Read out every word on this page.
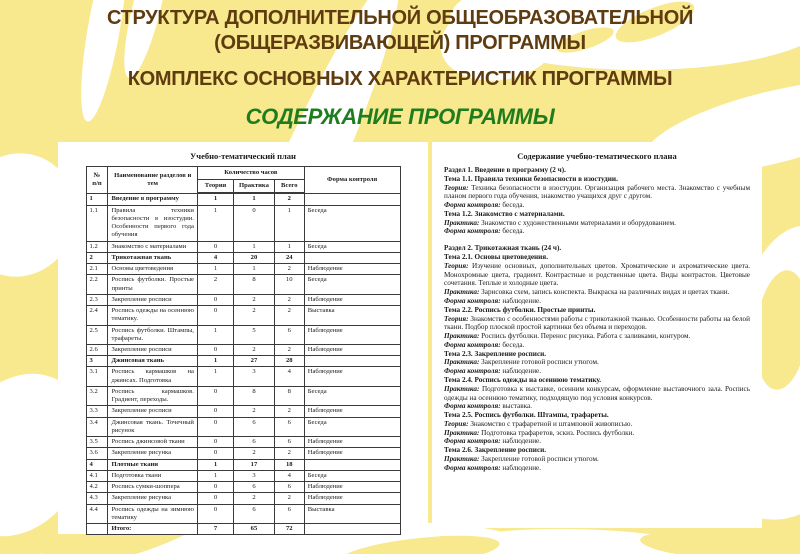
СТРУКТУРА ДОПОЛНИТЕЛЬНОЙ ОБЩЕОБРАЗОВАТЕЛЬНОЙ (ОБЩЕРАЗВИВАЮЩЕЙ) ПРОГРАММЫ
КОМПЛЕКС ОСНОВНЫХ ХАРАКТЕРИСТИК ПРОГРАММЫ
СОДЕРЖАНИЕ ПРОГРАММЫ
Учебно-тематический план
№
п/п	Наименование разделов и тем	Количество часов			Форма контроля
		Теория	Практика	Всего	
1	Введение в программу	1	1	2	
1.1	Правила техники безопасности в изостудии. Особенности первого года обучения	1	0	1	Беседа
1.2	Знакомство с материалами	0	1	1	Беседа
2	Трикотажная ткань	4	20	24	
2.1	Основы цветоведения	1	1	2	Наблюдение
2.2	Роспись футболки. Простые принты	2	8	10	Беседа
2.3	Закрепление росписи	0	2	2	Наблюдение
2.4	Роспись одежды на осеннюю тематику.	0	2	2	Выставка
2.5	Роспись футболки. Штампы, трафареты.	1	5	6	Наблюдение
2.6	Закрепление росписи	0	2	2	Наблюдение
3	Джинсовая ткань	1	27	28	
3.1	Роспись кармашков на джинсах. Подготовка	1	3	4	Наблюдение
3.2	Роспись кармашков. Градиент, переходы.	0	8	8	Беседа
3.3	Закрепление росписи	0	2	2	Наблюдение
3.4	Джинсовая ткань. Точечный рисунок	0	6	6	Беседа
3.5	Роспись джинсовой ткани	0	6	6	Наблюдение
3.6	Закрепление рисунка	0	2	2	Наблюдение
4	Плотные ткани	1	17	18	
4.1	Подготовка ткани	1	3	4	Беседа
4.2	Роспись сумки-шоппера	0	6	6	Наблюдение
4.3	Закрепление рисунка	0	2	2	Наблюдение
4.4	Роспись одежды на зимнюю тематику	0	6	6	Выставка
	Итого:	7	65	72	
Содержание учебно-тематического плана

Раздел 1. Введение в программу (2 ч).

Тема 1.1. Правила техники безопасности в изостудии.

Теория: Техника безопасности в изостудии. Организация рабочего места. Знакомство с учебным планом первого года обучения, знакомство учащихся друг с другом.

Форма контроля: беседа.

Тема 1.2. Знакомство с материалами.

Практика: Знакомство с художественными материалами и оборудованием.

Форма контроля: беседа.

Раздел 2. Трикотажная ткань (24 ч).

Тема 2.1. Основы цветоведения.

Теория: Изучение основных, дополнительных цветов. Хроматические и ахроматические цвета. Монохромные цвета, градиент. Контрастные и родственные цвета. Виды контрастов. Цветовые сочетания. Теплые и холодные цвета.

Практика: Зарисовка схем, запись конспекта. Выкраска на различных видах и цветах ткани.

Форма контроля: наблюдение.

Тема 2.2. Роспись футболки. Простые принты.

Теория: Знакомство с особенностями работы с трикотажной тканью. Особенности работы на белой ткани. Подбор плоской простой картинки без объема и переходов.

Практика: Роспись футболки. Перенос рисунка. Работа с заливками, контуром.

Форма контроля: беседа.

Тема 2.3. Закрепление росписи.

Практика: Закрепление готовой росписи утюгом.

Форма контроля: наблюдение.

Тема 2.4. Роспись одежды на осеннюю тематику.

Практика: Подготовка к выставке, осенним конкурсам, оформление выставочного зала. Роспись одежды на осеннюю тематику, подходящую под условия конкурсов.

Форма контроля: выставка.

Тема 2.5. Роспись футболки. Штампы, трафареты.

Теория: Знакомство с трафаретной и штамповой живописью.

Практика: Подготовка трафаретов, эскиз. Роспись футболки.

Форма контроля: наблюдение.

Тема 2.6. Закрепление росписи.

Практика: Закрепление готовой росписи утюгом.

Форма контроля: наблюдение.
